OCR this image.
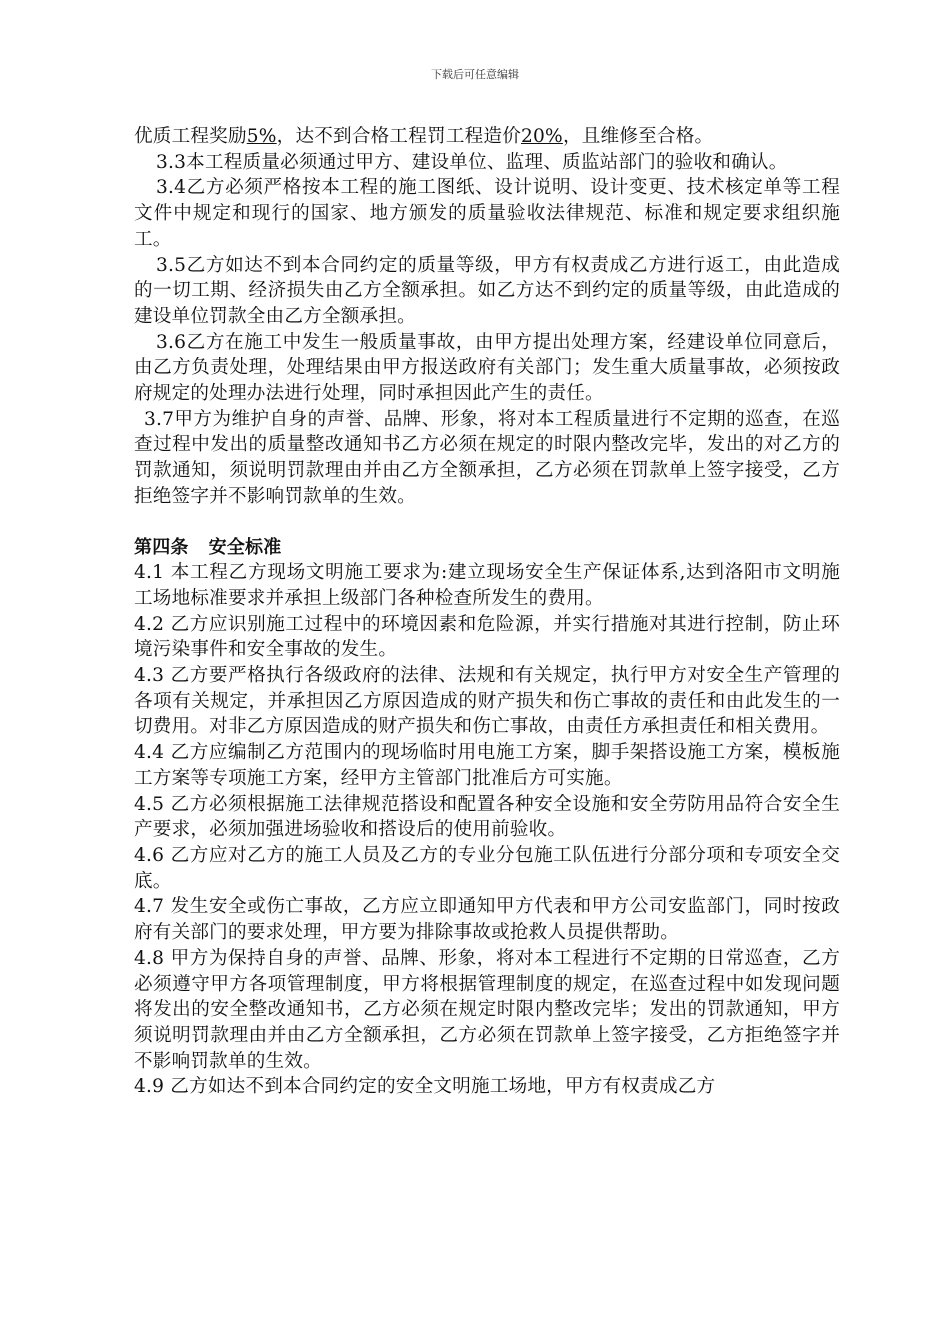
下载后可任意编辑

优质工程奖励5%，达不到合格工程罚工程造价20%，且维修至合格。

3.3本工程质量必须通过甲方、建设单位、监理、质监站部门的验收和确认。

3.4乙方必须严格按本工程的施工图纸、设计说明、设计变更、技术核定单等工程文件中规定和现行的国家、地方颁发的质量验收法律规范、标准和规定要求组织施工。

3.5乙方如达不到本合同约定的质量等级，甲方有权责成乙方进行返工，由此造成的一切工期、经济损失由乙方全额承担。如乙方达不到约定的质量等级，由此造成的建设单位罚款全由乙方全额承担。

3.6乙方在施工中发生一般质量事故，由甲方提出处理方案，经建设单位同意后，由乙方负责处理，处理结果由甲方报送政府有关部门；发生重大质量事故，必须按政府规定的处理办法进行处理，同时承担因此产生的责任。

3.7甲方为维护自身的声誉、品牌、形象，将对本工程质量进行不定期的巡查，在巡查过程中发出的质量整改通知书乙方必须在规定的时限内整改完毕，发出的对乙方的罚款通知，须说明罚款理由并由乙方全额承担，乙方必须在罚款单上签字接受，乙方拒绝签字并不影响罚款单的生效。

第四条 安全标准

4.1 本工程乙方现场文明施工要求为:建立现场安全生产保证体系,达到洛阳市文明施工场地标准要求并承担上级部门各种检查所发生的费用。

4.2 乙方应识别施工过程中的环境因素和危险源，并实行措施对其进行控制，防止环境污染事件和安全事故的发生。

4.3 乙方要严格执行各级政府的法律、法规和有关规定，执行甲方对安全生产管理的各项有关规定，并承担因乙方原因造成的财产损失和伤亡事故的责任和由此发生的一切费用。对非乙方原因造成的财产损失和伤亡事故，由责任方承担责任和相关费用。

4.4 乙方应编制乙方范围内的现场临时用电施工方案，脚手架搭设施工方案，模板施工方案等专项施工方案，经甲方主管部门批准后方可实施。

4.5 乙方必须根据施工法律规范搭设和配置各种安全设施和安全劳防用品符合安全生产要求，必须加强进场验收和搭设后的使用前验收。

4.6 乙方应对乙方的施工人员及乙方的专业分包施工队伍进行分部分项和专项安全交底。

4.7 发生安全或伤亡事故，乙方应立即通知甲方代表和甲方公司安监部门，同时按政府有关部门的要求处理，甲方要为排除事故或抢救人员提供帮助。

4.8 甲方为保持自身的声誉、品牌、形象，将对本工程进行不定期的日常巡查，乙方必须遵守甲方各项管理制度，甲方将根据管理制度的规定，在巡查过程中如发现问题将发出的安全整改通知书，乙方必须在规定时限内整改完毕；发出的罚款通知，甲方须说明罚款理由并由乙方全额承担，乙方必须在罚款单上签字接受，乙方拒绝签字并不影响罚款单的生效。

4.9 乙方如达不到本合同约定的安全文明施工场地，甲方有权责成乙方
